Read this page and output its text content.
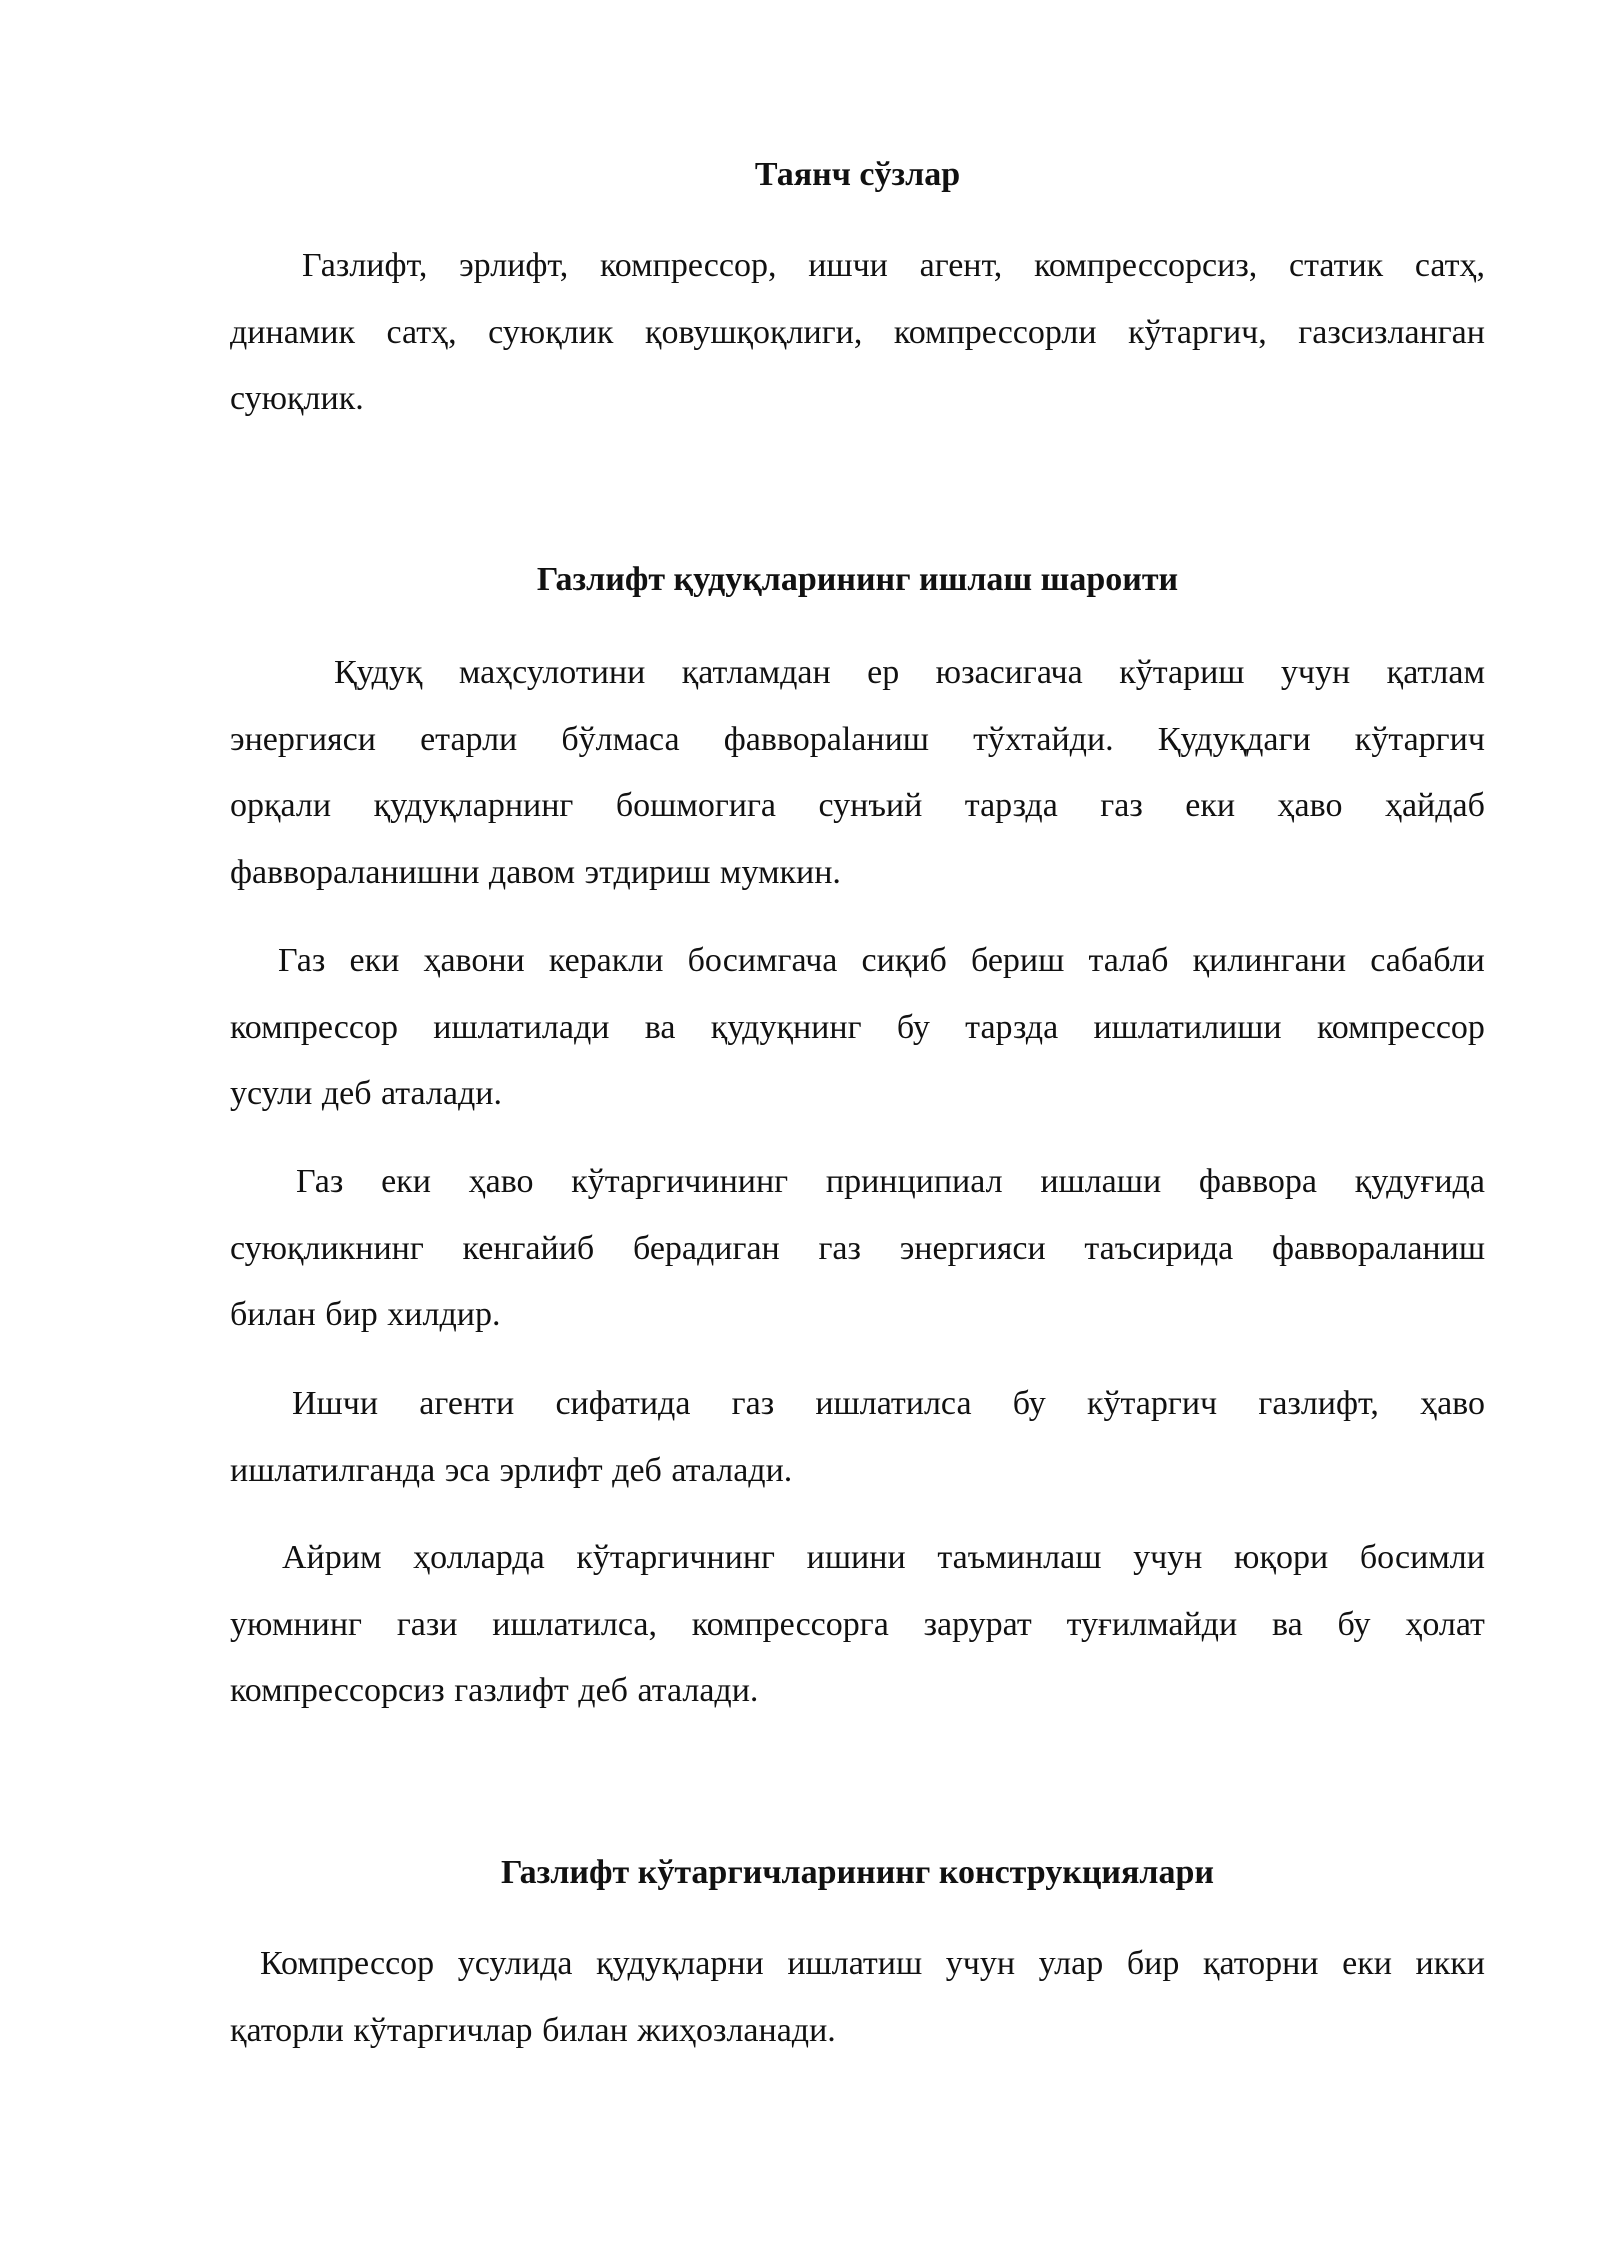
Таянч сўзлар
Газлифт, эрлифт, компрессор, ишчи агент, компрессорсиз, статик сатҳ,
динамик сатҳ, суюқлик қовушқоқлиги, компрессорли кўтаргич, газсизланган
суюқлик.
Газлифт қудуқларининг ишлаш шароити
Қудуқ маҳсулотини қатламдан ер юзасигача кўтариш учун қатлам
энергияси етарли бўлмаса фавворalaниш тўхтайди. Қудуқдаги кўтаргич
орқали қудуқларнинг бошмогига сунъий тарзда газ еки ҳаво ҳайдаб
фаввораланишни давом этдириш мумкин.
Газ еки ҳавони керакли босимгача сиқиб бериш талаб қилингани сабабли
компрессор ишлатилади ва қудуқнинг бу тарзда ишлатилиши компрессор
усули деб аталади.
Газ еки ҳаво кўтаргичининг принципиал ишлаши фаввора қудуғида
суюқликнинг кенгайиб берадиган газ энергияси таъсирида фаввораланиш
билан бир хилдир.
Ишчи агенти сифатида газ ишлатилса бу кўтаргич газлифт, ҳаво
ишлатилганда эса эрлифт деб аталади.
Айрим ҳолларда кўтаргичнинг ишини таъминлаш учун юқори босимли
уюмнинг гази ишлатилса, компрессорга зарурат туғилмайди ва бу ҳолат
компрессорсиз газлифт деб аталади.
Газлифт кўтаргичларининг конструкциялари
Компрессор усулида қудуқларни ишлатиш учун улар бир қаторни еки икки
қаторли кўтаргичлар билан жиҳозланади.
